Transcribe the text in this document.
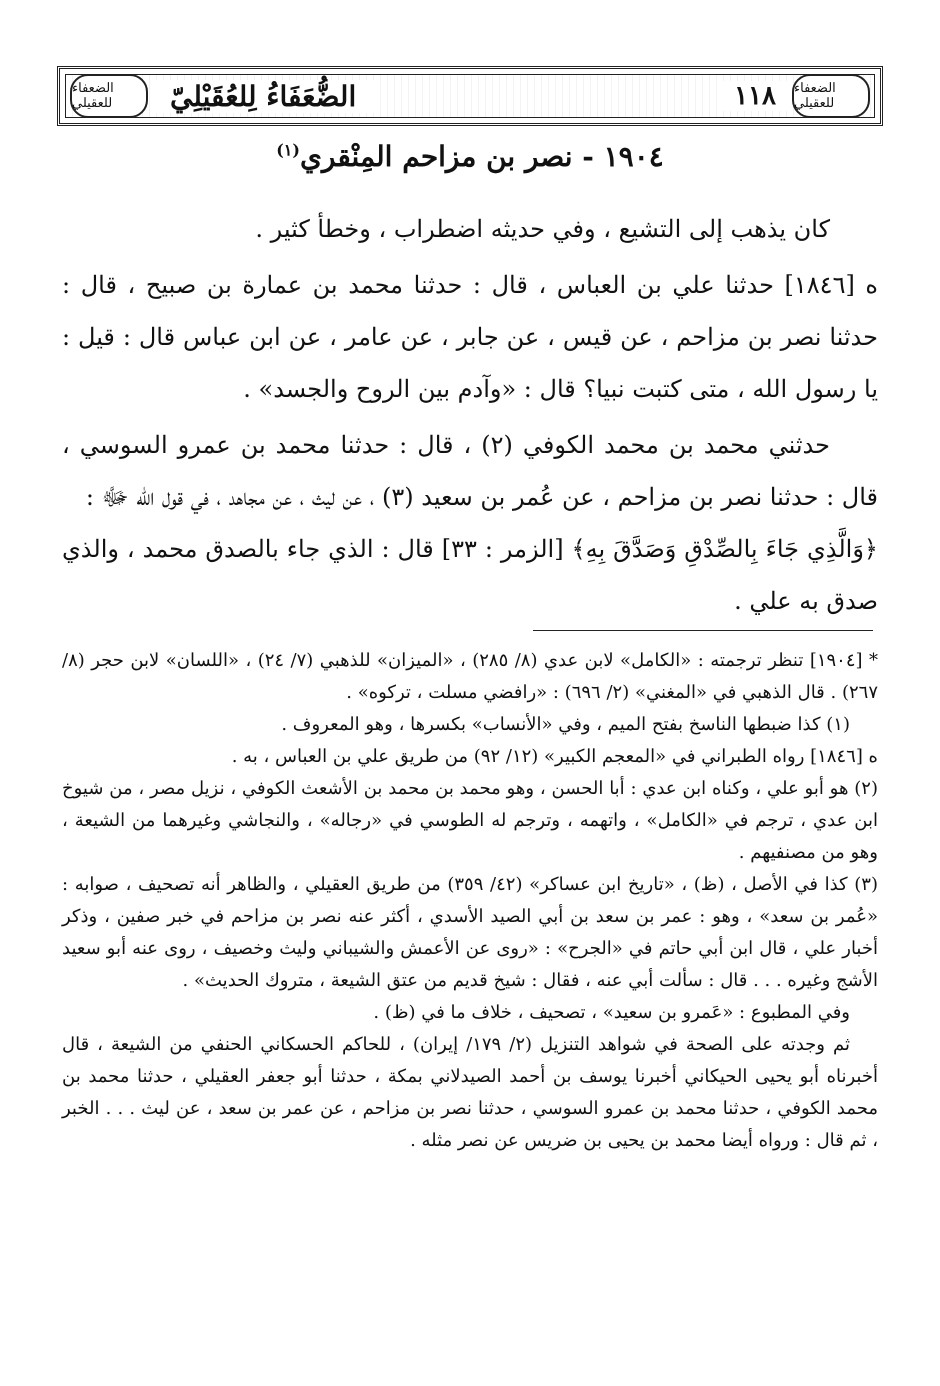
الضعفاء للعقيلي	الضُّعَفَاءُ لِلعُقَيْلِيّ	١١٨	الضعفاء للعقيلي
١٩٠٤ - نصر بن مزاحم المِنْقري$^{(١)}$

كان يذهب إلى التشيع ، وفي حديثه اضطراب ، وخطأ كثير .

ه [١٨٤٦] حدثنا علي بن العباس ، قال : حدثنا محمد بن عمارة بن صبيح ، قال : حدثنا نصر بن مزاحم ، عن قيس ، عن جابر ، عن عامر ، عن ابن عباس قال : قيل : يا رسول الله ، متى كتبت نبيا؟ قال : «وآدم بين الروح والجسد» .

حدثني محمد بن محمد الكوفي (٢) ، قال : حدثنا محمد بن عمرو السوسي ، قال : حدثنا نصر بن مزاحم ، عن عُمر بن سعيد (٣) ، عن ليث ، عن مجاهد ، في قول الله ﷻ :

﴿وَالَّذِي جَاءَ بِالصِّدْقِ وَصَدَّقَ بِهِ﴾ [الزمر : ٣٣] قال : الذي جاء بالصدق محمد ، والذي صدق به علي .

* [١٩٠٤] تنظر ترجمته : «الكامل» لابن عدي (٨/ ٢٨٥) ، «الميزان» للذهبي (٧/ ٢٤) ، «اللسان» لابن حجر (٨/ ٢٦٧) . قال الذهبي في «المغني» (٢/ ٦٩٦) : «رافضي مسلت ، تركوه» .

(١) كذا ضبطها الناسخ بفتح الميم ، وفي «الأنساب» بكسرها ، وهو المعروف .

ه [١٨٤٦] رواه الطبراني في «المعجم الكبير» (١٢/ ٩٢) من طريق علي بن العباس ، به .

(٢) هو أبو علي ، وكناه ابن عدي : أبا الحسن ، وهو محمد بن محمد بن الأشعث الكوفي ، نزيل مصر ، من شيوخ ابن عدي ، ترجم في «الكامل» ، واتهمه ، وترجم له الطوسي في «رجاله» ، والنجاشي وغيرهما من الشيعة ، وهو من مصنفيهم .

(٣) كذا في الأصل ، (ظ) ، «تاريخ ابن عساكر» (٤٢/ ٣٥٩) من طريق العقيلي ، والظاهر أنه تصحيف ، صوابه : «عُمر بن سعد» ، وهو : عمر بن سعد بن أبي الصيد الأسدي ، أكثر عنه نصر بن مزاحم في خبر صفين ، وذكر أخبار علي ، قال ابن أبي حاتم في «الجرح» : «روى عن الأعمش والشيباني وليث وخصيف ، روى عنه أبو سعيد الأشج وغيره . . . قال : سألت أبي عنه ، فقال : شيخ قديم من عتق الشيعة ، متروك الحديث» .

وفي المطبوع : «عَمرو بن سعيد» ، تصحيف ، خلاف ما في (ظ) .

ثم وجدته على الصحة في شواهد التنزيل (٢/ ١٧٩/ إيران) ، للحاكم الحسكاني الحنفي من الشيعة ، قال أخبرناه أبو يحيى الحيكاني أخبرنا يوسف بن أحمد الصيدلاني بمكة ، حدثنا أبو جعفر العقيلي ، حدثنا محمد بن محمد الكوفي ، حدثنا محمد بن عمرو السوسي ، حدثنا نصر بن مزاحم ، عن عمر بن سعد ، عن ليث . . . الخبر ، ثم قال : ورواه أيضا محمد بن يحيى بن ضريس عن نصر مثله .
